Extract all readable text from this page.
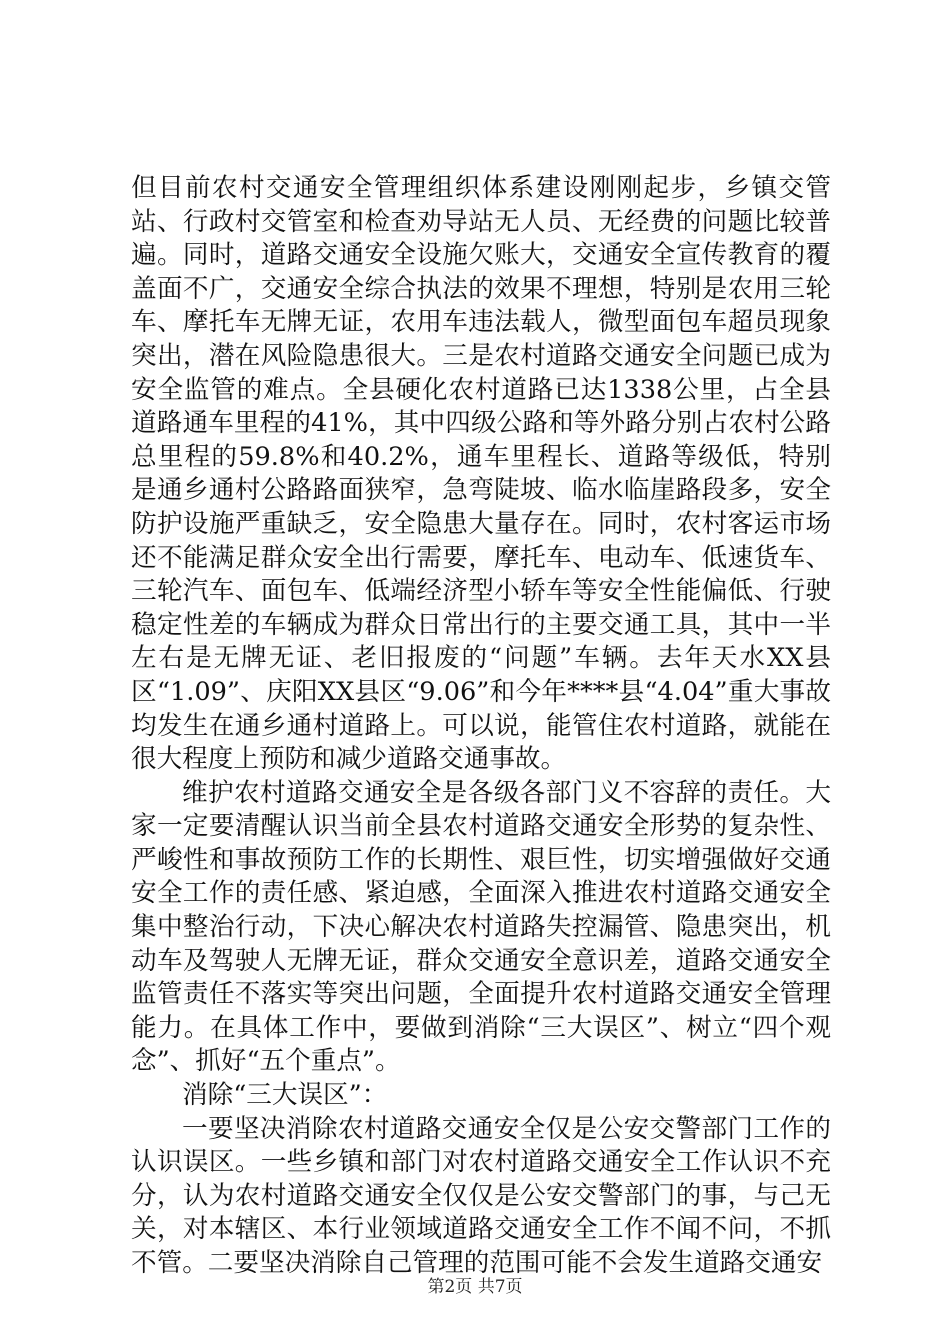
但目前农村交通安全管理组织体系建设刚刚起步，乡镇交管站、行政村交管室和检查劝导站无人员、无经费的问题比较普遍。同时，道路交通安全设施欠账大，交通安全宣传教育的覆盖面不广，交通安全综合执法的效果不理想，特别是农用三轮车、摩托车无牌无证，农用车违法载人，微型面包车超员现象突出，潜在风险隐患很大。三是农村道路交通安全问题已成为安全监管的难点。全县硬化农村道路已达1338公里，占全县道路通车里程的41%，其中四级公路和等外路分别占农村公路总里程的59.8%和40.2%，通车里程长、道路等级低，特别是通乡通村公路路面狭窄，急弯陡坡、临水临崖路段多，安全防护设施严重缺乏，安全隐患大量存在。同时，农村客运市场还不能满足群众安全出行需要，摩托车、电动车、低速货车、三轮汽车、面包车、低端经济型小轿车等安全性能偏低、行驶稳定性差的车辆成为群众日常出行的主要交通工具，其中一半左右是无牌无证、老旧报废的“问题”车辆。去年天水XX县区“1.09”、庆阳XX县区“9.06”和今年****县“4.04”重大事故均发生在通乡通村道路上。可以说，能管住农村道路，就能在很大程度上预防和减少道路交通事故。

维护农村道路交通安全是各级各部门义不容辞的责任。大家一定要清醒认识当前全县农村道路交通安全形势的复杂性、严峻性和事故预防工作的长期性、艰巨性，切实增强做好交通安全工作的责任感、紧迫感，全面深入推进农村道路交通安全集中整治行动，下决心解决农村道路失控漏管、隐患突出，机动车及驾驶人无牌无证，群众交通安全意识差，道路交通安全监管责任不落实等突出问题，全面提升农村道路交通安全管理能力。在具体工作中，要做到消除“三大误区”、树立“四个观念”、抓好“五个重点”。

消除“三大误区”：

一要坚决消除农村道路交通安全仅是公安交警部门工作的认识误区。一些乡镇和部门对农村道路交通安全工作认识不充分，认为农村道路交通安全仅仅是公安交警部门的事，与己无关，对本辖区、本行业领域道路交通安全工作不闻不问，不抓不管。二要坚决消除自己管理的范围可能不会发生道路交通安

第2页 共7页
